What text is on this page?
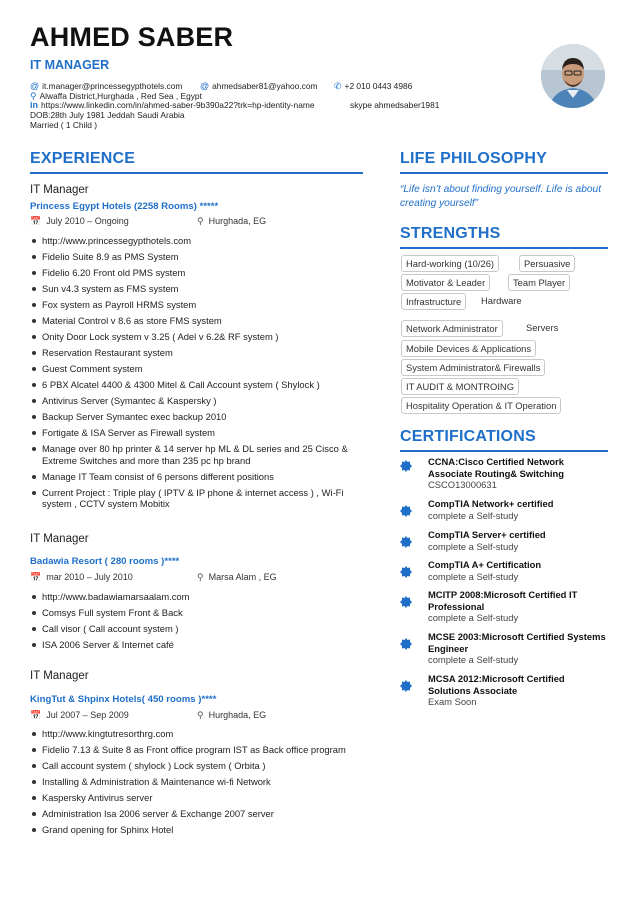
AHMED SABER
IT MANAGER
@ it.manager@princessegypthotels.com @ ahmedsaber81@yahoo.com ✆ +2 010 0443 4986
⚲ Alwaffa District,Hurghada , Red Sea , Egypt
in https://www.linkedin.com/in/ahmed-saber-9b390a22?trk=hp-identity-name	skype ahmedsaber1981
DOB:28th July 1981 Jeddah Saudi Arabia
Married ( 1 Child )
EXPERIENCE
IT Manager
Princess Egypt Hotels (2258 Rooms) *****
📅 July 2010 – Ongoing	⚲ Hurghada, EG
http://www.princessegypthotels.com
Fidelio Suite 8.9 as PMS System
Fidelio 6.20 Front old PMS system
Sun v4.3 system as FMS system
Fox system as Payroll HRMS system
Material Control v 8.6 as store FMS system
Onity Door Lock system v 3.25 ( Adel v 6.2& RF system )
Reservation Restaurant system
Guest Comment system
6 PBX Alcatel 4400 & 4300 Mitel & Call Account system ( Shylock )
Antivirus Server (Symantec & Kaspersky )
Backup Server Symantec exec backup 2010
Fortigate & ISA Server as Firewall system
Manage over 80 hp printer & 14 server hp ML & DL series and 25 Cisco & Extreme Switches and more than 235 pc hp brand
Manage IT Team consist of 6 persons different positions
Current Project : Triple play ( IPTV & IP phone & internet access ) , Wi-Fi system , CCTV system Mobitix
IT Manager
Badawia Resort ( 280 rooms )****
📅 mar 2010 – July 2010	⚲ Marsa Alam , EG
http://www.badawiamarsaalam.com
Comsys Full system Front & Back
Call visor ( Call account system )
ISA 2006 Server & Internet café
IT Manager
KingTut & Shpinx Hotels( 450 rooms )****
📅 Jul 2007 – Sep 2009	⚲ Hurghada, EG
http://www.kingtutresorthrg.com
Fidelio 7.13 & Suite 8 as Front office program IST as Back office program
Call account system ( shylock ) Lock system ( Orbita )
Installing & Administration & Maintenance wi-fi Network
Kaspersky Antivirus server
Administration Isa 2006 server & Exchange 2007 server
Grand opening for Sphinx Hotel
LIFE PHILOSOPHY
“Life isn’t about finding yourself. Life is about creating yourself”
STRENGTHS
Hard-working (10/26)	Persuasive
Motivator & Leader	Team Player
Infrastructure	Hardware
Network Administrator	Servers
Mobile Devices & Applications
System Administrator& Firewalls
IT AUDIT & MONTROING
Hospitality Operation & IT Operation
CERTIFICATIONS
CCNA:Cisco Certified Network Associate Routing& Switching
CSCO13000631
CompTIA Network+ certified
complete a Self-study
CompTIA Server+ certified
complete a Self-study
CompTIA A+ Certification
complete a Self-study
MCITP 2008:Microsoft Certified IT Professional
complete a Self-study
MCSE 2003:Microsoft Certified Systems Engineer
complete a Self-study
MCSA 2012:Microsoft Certified Solutions Associate
Exam Soon
